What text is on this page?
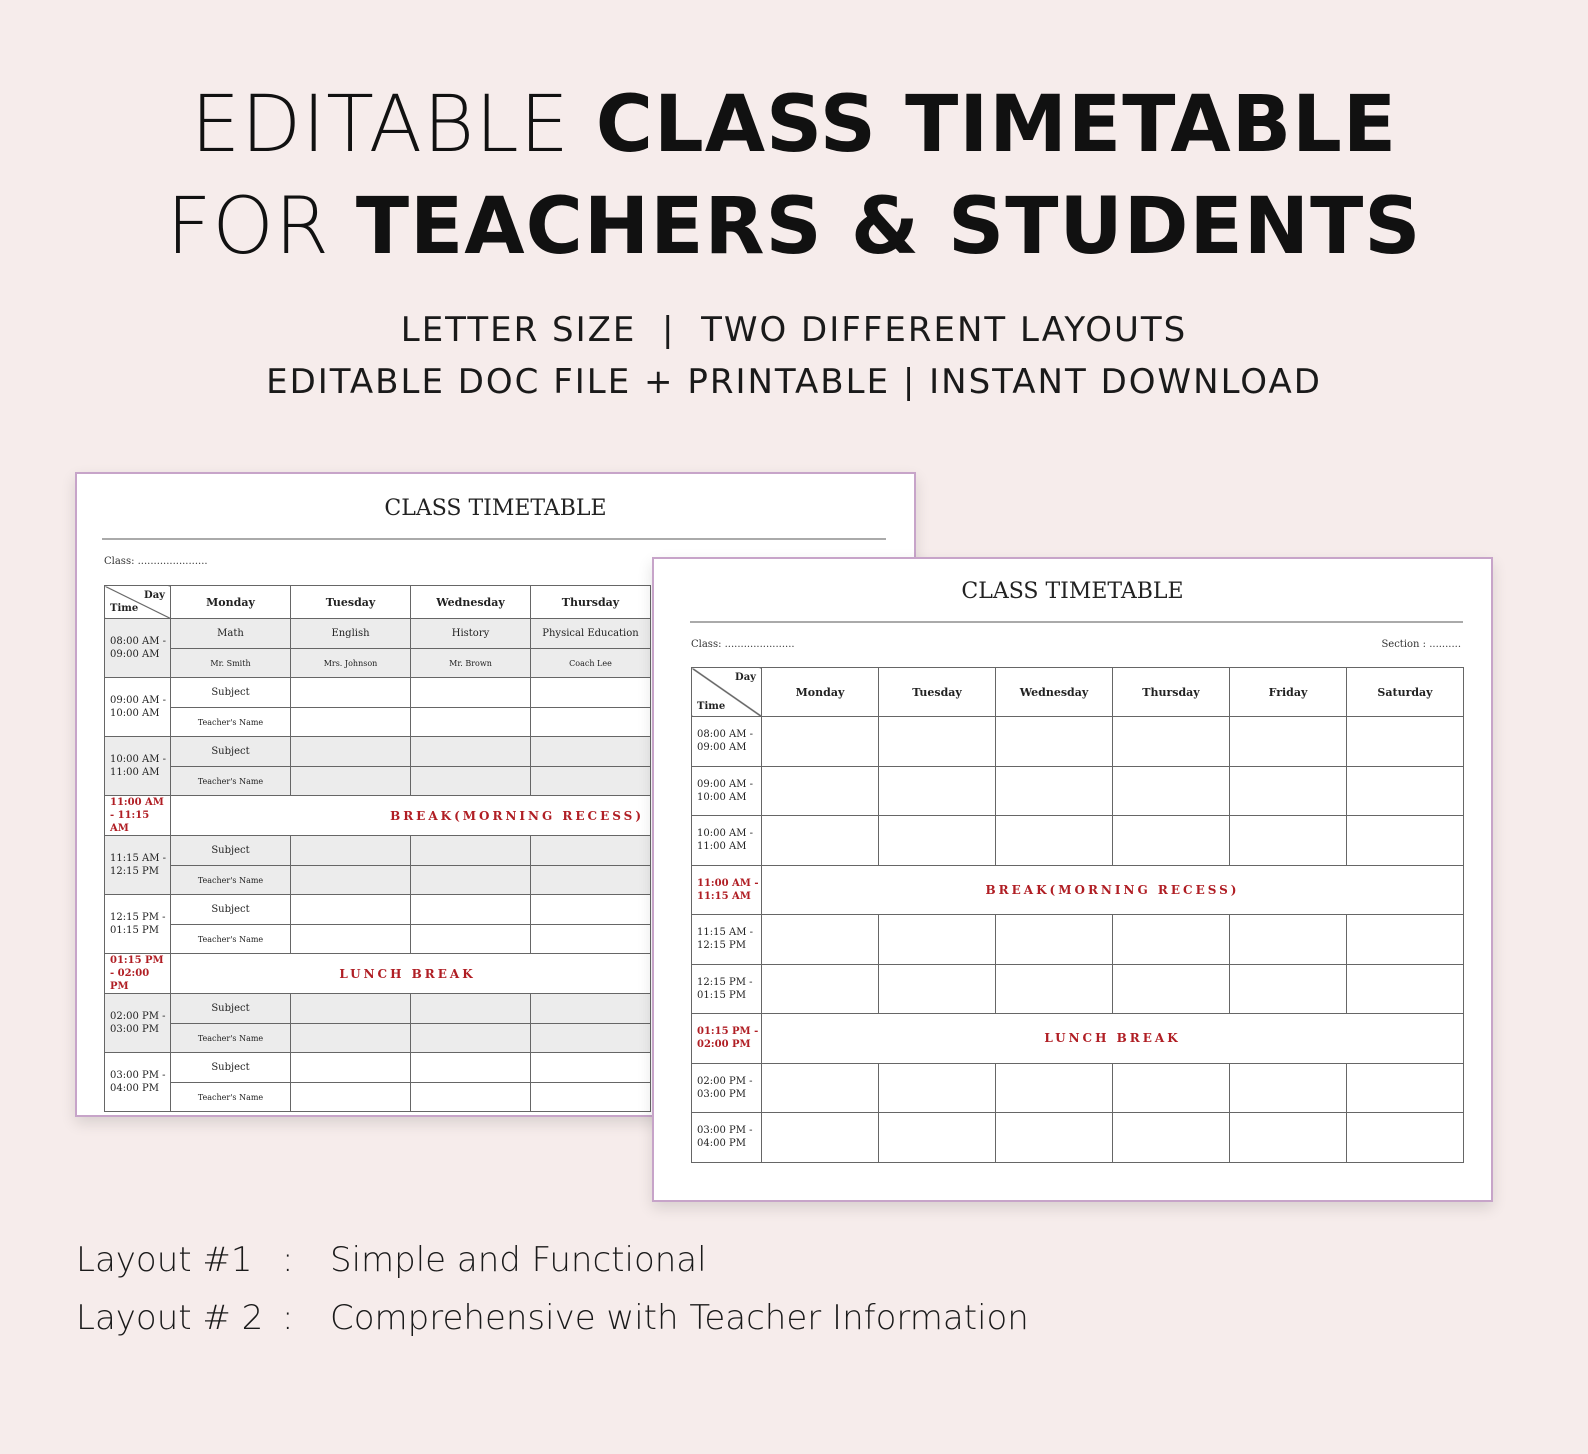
EDITABLE CLASS TIMETABLE
FOR TEACHERS & STUDENTS
LETTER SIZE  |  TWO DIFFERENT LAYOUTS
EDITABLE DOC FILE + PRINTABLE | INSTANT DOWNLOAD
CLASS TIMETABLE
Class: ......................
Day
Time	Monday	Tuesday	Wednesday	Thursday
08:00 AM - 09:00 AM	Math	English	History	Physical Education
	Mr. Smith	Mrs. Johnson	Mr. Brown	Coach Lee
09:00 AM - 10:00 AM	Subject			
	Teacher's Name			
10:00 AM - 11:00 AM	Subject			
	Teacher's Name			
11:00 AM - 11:15 AM	BREAK(MORNING RECESS)			
11:15 AM - 12:15 PM	Subject			
	Teacher's Name			
12:15 PM - 01:15 PM	Subject			
	Teacher's Name			
01:15 PM - 02:00 PM	LUNCH BREAK			
02:00 PM - 03:00 PM	Subject			
	Teacher's Name			
03:00 PM - 04:00 PM	Subject			
	Teacher's Name			
CLASS TIMETABLE
Class: ......................	Section : ..........
Day
Time	Monday	Tuesday	Wednesday	Thursday	Friday	Saturday
08:00 AM - 09:00 AM						
09:00 AM - 10:00 AM						
10:00 AM - 11:00 AM						
11:00 AM - 11:15 AM	BREAK(MORNING RECESS)					
11:15 AM - 12:15 PM						
12:15 PM - 01:15 PM						
01:15 PM - 02:00 PM	LUNCH BREAK					
02:00 PM - 03:00 PM						
03:00 PM - 04:00 PM						
Layout #1 : Simple and Functional
Layout # 2 : Comprehensive with Teacher Information
